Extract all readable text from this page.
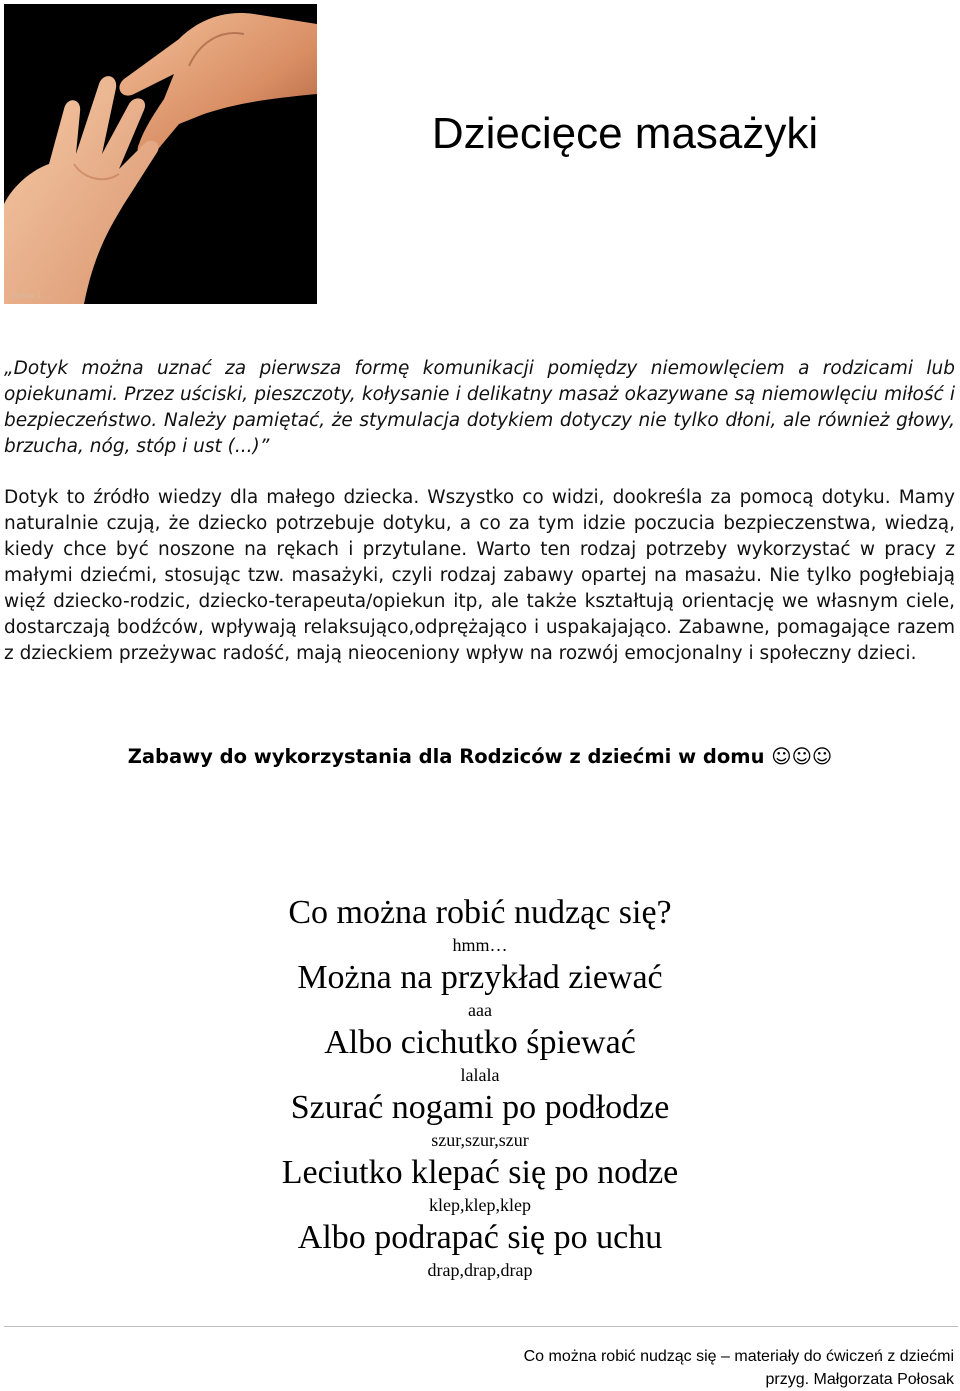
www.1...
Dziecięce masażyki
„Dotyk można uznać za pierwsza formę komunikacji pomiędzy niemowlęciem a rodzicami lub opiekunami. Przez uściski, pieszczoty, kołysanie i delikatny masaż okazywane są niemowlęciu miłość i bezpieczeństwo. Należy pamiętać, że stymulacja dotykiem dotyczy nie tylko dłoni, ale również głowy, brzucha, nóg, stóp i ust (...)”
Dotyk to źródło wiedzy dla małego dziecka. Wszystko co widzi, dookreśla za pomocą dotyku. Mamy naturalnie czują, że dziecko potrzebuje dotyku, a co za tym idzie poczucia bezpieczenstwa, wiedzą, kiedy chce być noszone na rękach i przytulane. Warto ten rodzaj potrzeby wykorzystać w pracy z małymi dziećmi, stosując tzw. masażyki, czyli rodzaj zabawy opartej na masażu. Nie tylko pogłebiają więź dziecko-rodzic, dziecko-terapeuta/opiekun itp, ale także kształtują orientację we własnym ciele, dostarczają bodźców, wpływają relaksująco,odprężająco i uspakajająco. Zabawne, pomagające razem z dzieckiem przeżywac radość, mają nieoceniony wpływ na rozwój emocjonalny i społeczny dzieci.
Zabawy do wykorzystania dla Rodziców z dziećmi w domu ☺☺☺
Co można robić nudząc się?
hmm…
Można na przykład ziewać
aaa
Albo cichutko śpiewać
lalala
Szurać nogami po podłodze
szur,szur,szur
Leciutko klepać się po nodze
klep,klep,klep
Albo podrapać się po uchu
drap,drap,drap
Co można robić nudząc się – materiały do ćwiczeń z dziećmi
przyg. Małgorzata Połosak
